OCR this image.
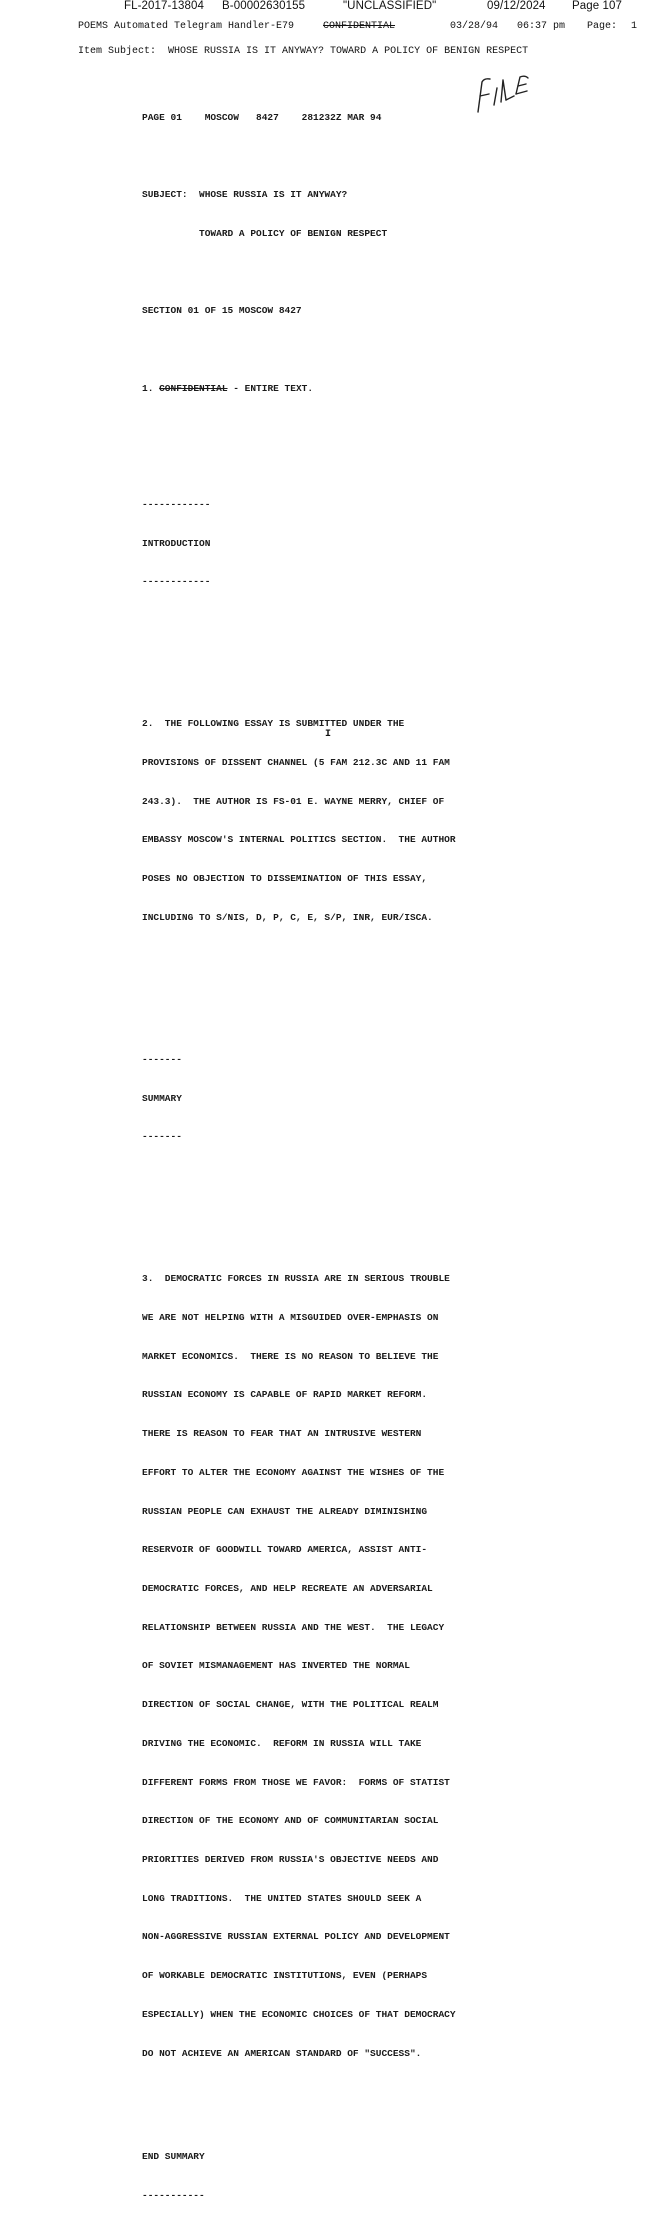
FL-2017-13804 B-00002630155	"UNCLASSIFIED"	09/12/2024 Page 107
POEMS Automated Telegram Handler-E79	CONFIDENTIAL	03/28/94 06:37 pm Page: 1
Item Subject: WHOSE RUSSIA IS IT ANYWAY? TOWARD A POLICY OF BENIGN RESPECT

PAGE 01    MOSCOW   8427    281232Z MAR 94

SUBJECT:  WHOSE RUSSIA IS IT ANYWAY?

TOWARD A POLICY OF BENIGN RESPECT

SECTION 01 OF 15 MOSCOW 8427

1. CONFIDENTIAL - ENTIRE TEXT.

------------

INTRODUCTION

------------

2.  THE FOLLOWING ESSAY IS SUBMITTED UNDER THE

PROVISIONS OF DISSENT CHANNEL (5 FAM 212.3C AND 11 FAM

243.3).  THE AUTHOR IS FS-01 E. WAYNE MERRY, CHIEF OF

EMBASSY MOSCOW'S INTERNAL POLITICS SECTION.  THE AUTHOR

POSES NO OBJECTION TO DISSEMINATION OF THIS ESSAY,

INCLUDING TO S/NIS, D, P, C, E, S/P, INR, EUR/ISCA.

-------

SUMMARY

-------

3.  DEMOCRATIC FORCES IN RUSSIA ARE IN SERIOUS TROUBLE

WE ARE NOT HELPING WITH A MISGUIDED OVER-EMPHASIS ON

MARKET ECONOMICS.  THERE IS NO REASON TO BELIEVE THE

RUSSIAN ECONOMY IS CAPABLE OF RAPID MARKET REFORM.

THERE IS REASON TO FEAR THAT AN INTRUSIVE WESTERN

EFFORT TO ALTER THE ECONOMY AGAINST THE WISHES OF THE

RUSSIAN PEOPLE CAN EXHAUST THE ALREADY DIMINISHING

RESERVOIR OF GOODWILL TOWARD AMERICA, ASSIST ANTI-

DEMOCRATIC FORCES, AND HELP RECREATE AN ADVERSARIAL

RELATIONSHIP BETWEEN RUSSIA AND THE WEST.  THE LEGACY

OF SOVIET MISMANAGEMENT HAS INVERTED THE NORMAL

DIRECTION OF SOCIAL CHANGE, WITH THE POLITICAL REALM

DRIVING THE ECONOMIC.  REFORM IN RUSSIA WILL TAKE

DIFFERENT FORMS FROM THOSE WE FAVOR:  FORMS OF STATIST

DIRECTION OF THE ECONOMY AND OF COMMUNITARIAN SOCIAL

PRIORITIES DERIVED FROM RUSSIA'S OBJECTIVE NEEDS AND

LONG TRADITIONS.  THE UNITED STATES SHOULD SEEK A

NON-AGGRESSIVE RUSSIAN EXTERNAL POLICY AND DEVELOPMENT

OF WORKABLE DEMOCRATIC INSTITUTIONS, EVEN (PERHAPS

ESPECIALLY) WHEN THE ECONOMIC CHOICES OF THAT DEMOCRACY

DO NOT ACHIEVE AN AMERICAN STANDARD OF "SUCCESS".

END SUMMARY

-----------

I
